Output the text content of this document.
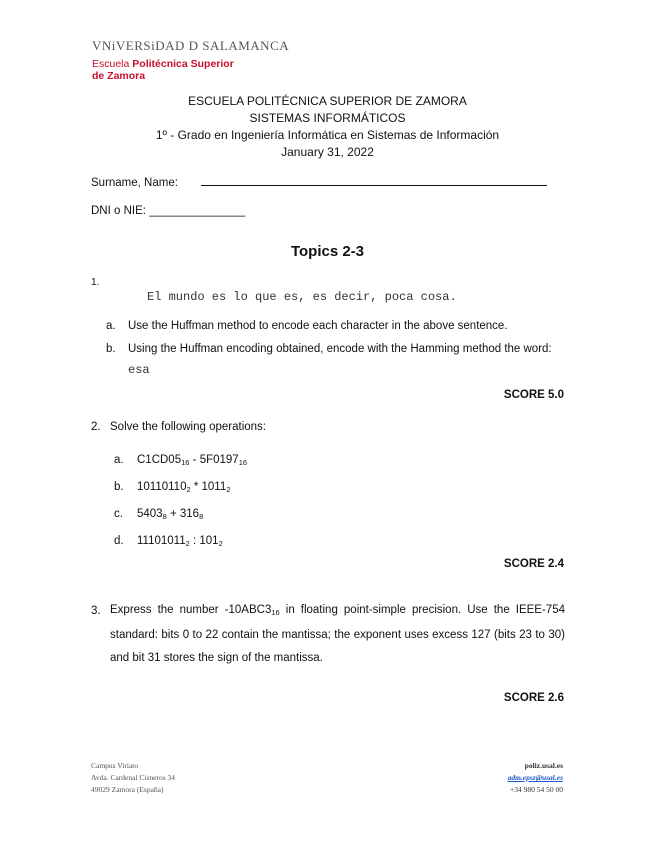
VNiVERSiDAD D SALAMANCA
Escuela Politécnica Superior
de Zamora
ESCUELA POLITÉCNICA SUPERIOR DE ZAMORA
SISTEMAS INFORMÁTICOS
1º - Grado en Ingeniería Informática en Sistemas de Información
January 31, 2022
Surname, Name:
DNI o NIE: _______________
Topics 2-3
1.
El mundo es lo que es, es decir, poca cosa.
a. Use the Huffman method to encode each character in the above sentence.
b. Using the Huffman encoding obtained, encode with the Hamming method the word:
esa
SCORE 5.0
2. Solve the following operations:
a. $C1CD05_{16} - 5F0197_{16}$
b. $10110110_2 * 1011_2$
c. $5403_8 + 316_8$
d. $11101011_2$ : $101_2$
SCORE 2.4
3. Express the number $-10ABC3_{16}$ in floating point-simple precision. Use the IEEE-754 standard: bits 0 to 22 contain the mantissa; the exponent uses excess 127 (bits 23 to 30) and bit 31 stores the sign of the mantissa.
SCORE 2.6
Campus Viriato
Avda. Cardenal Cisneros 34
49029 Zamora (España)
poliz.usal.es
adm.epsz@usal.es
+34 980 54 50 00
